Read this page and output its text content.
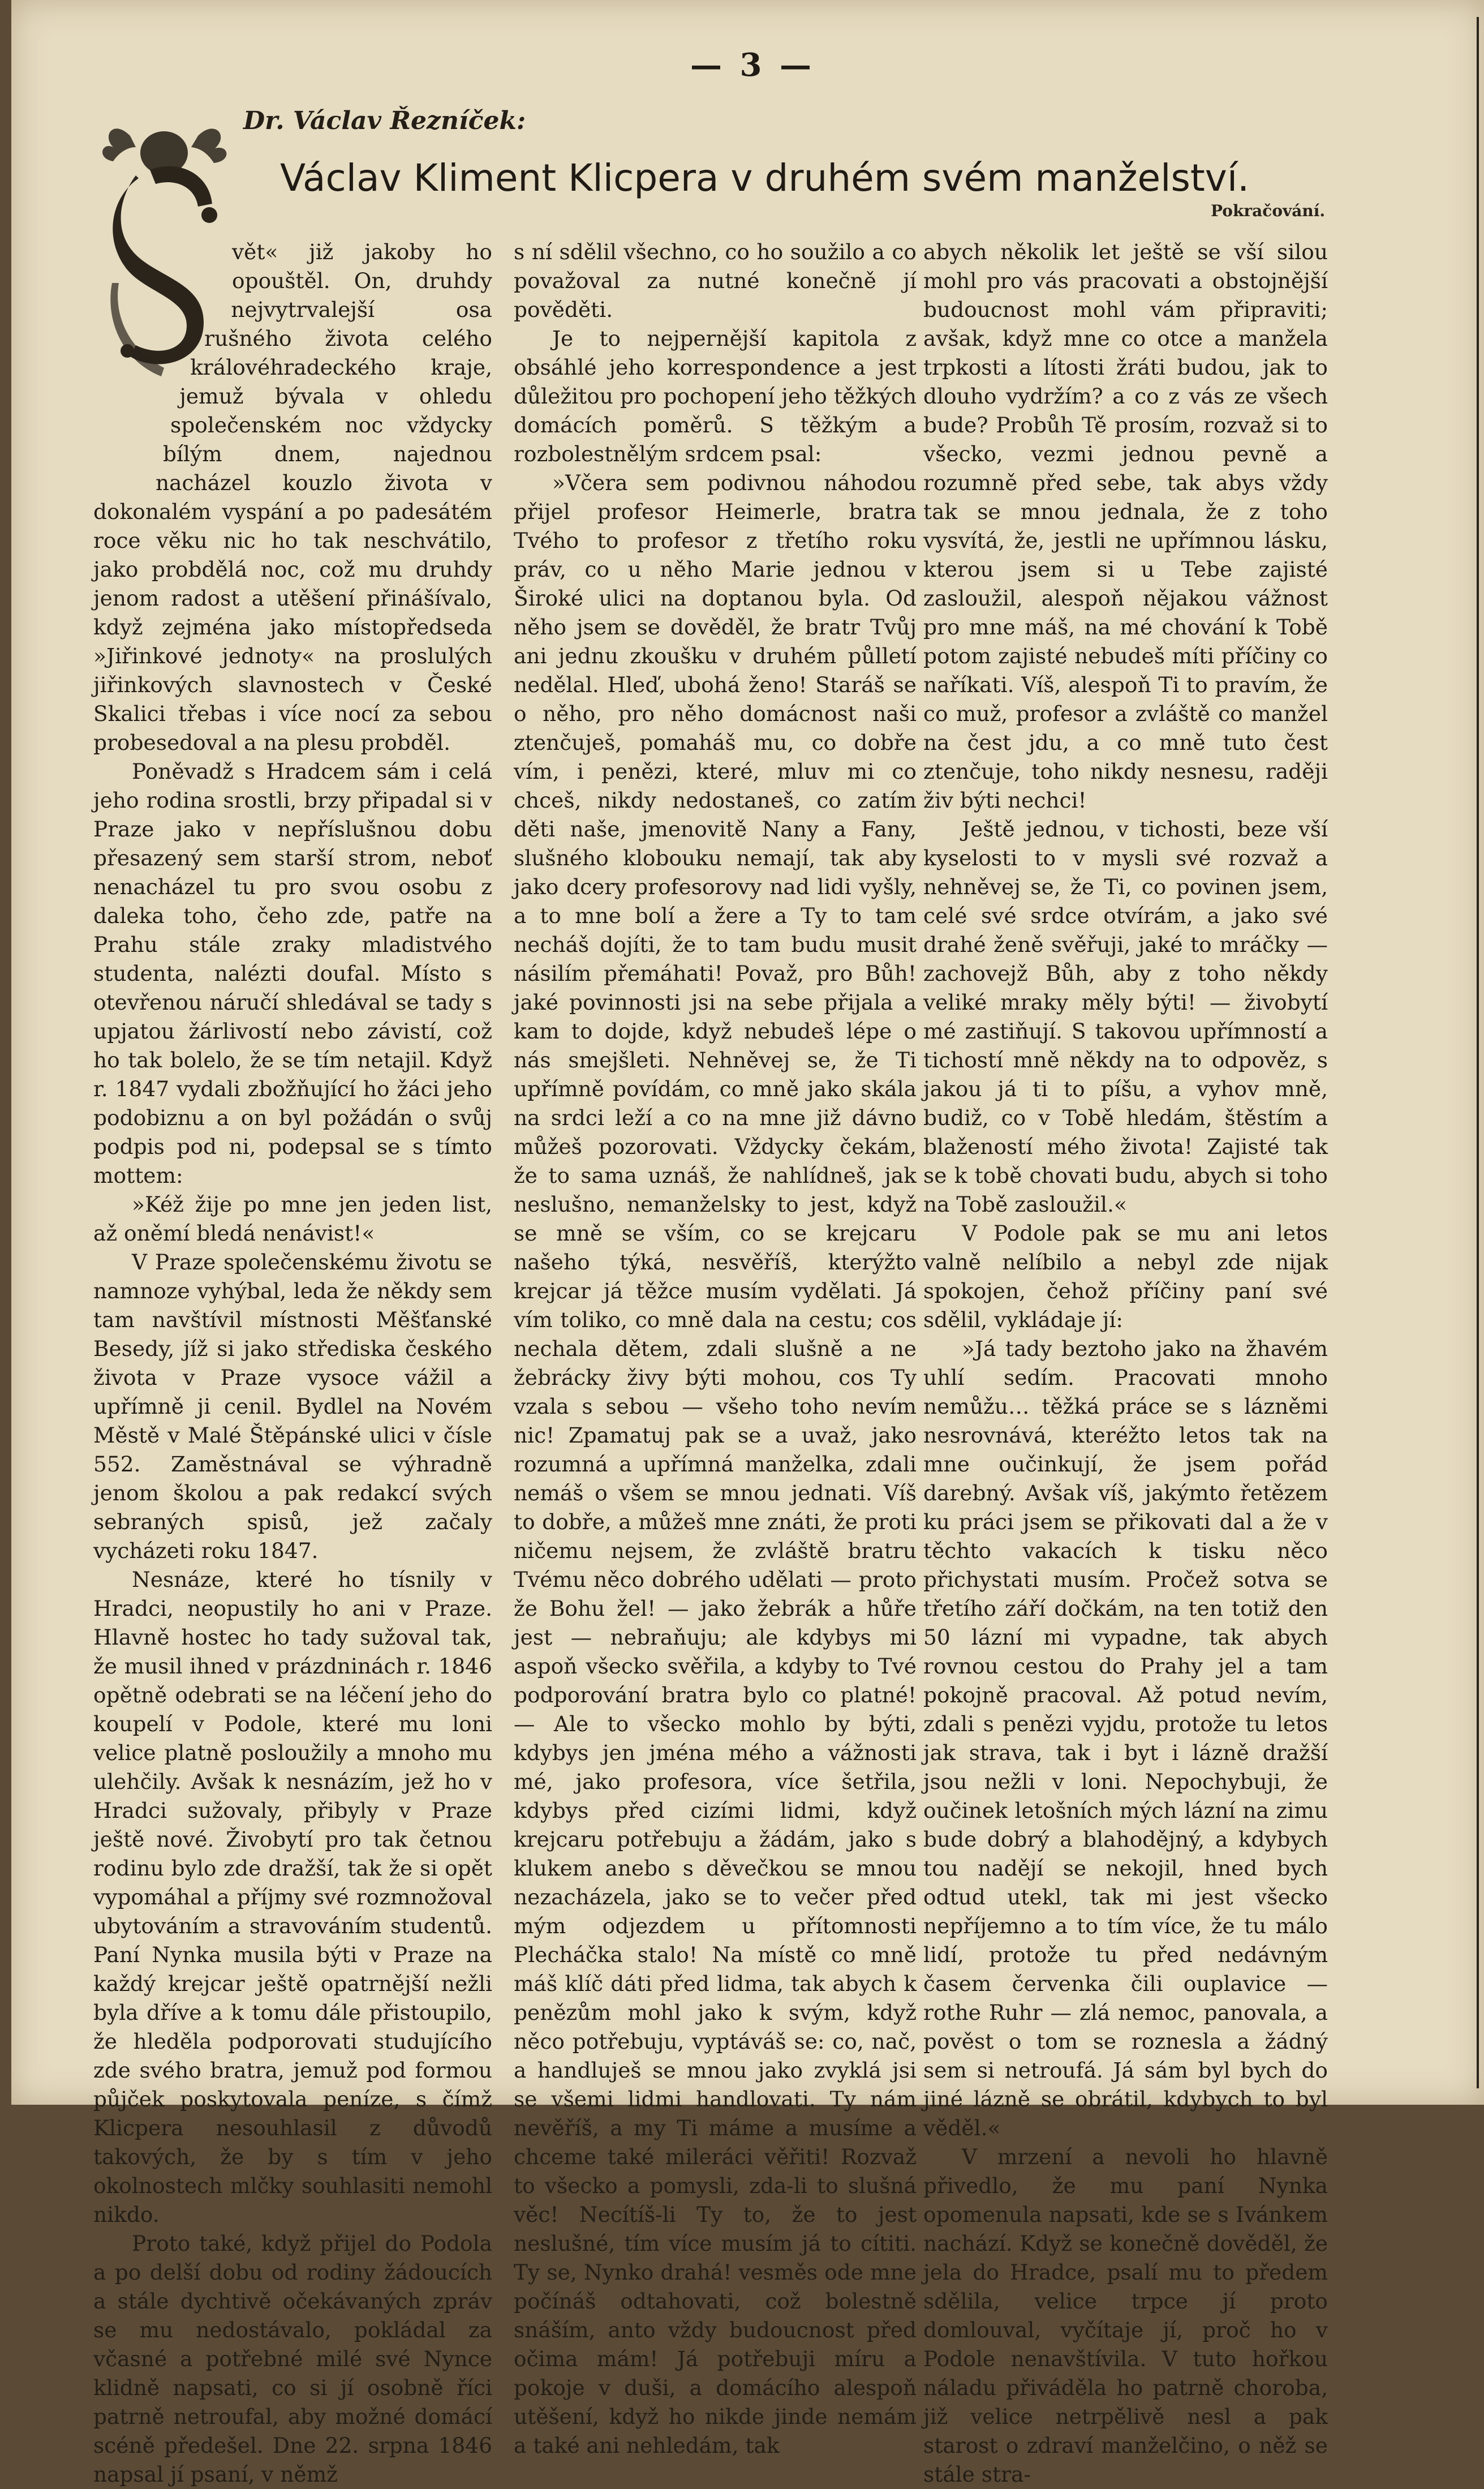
— 3 —
Dr. Václav Řezníček:
Václav Kliment Klicpera v druhém svém manželství.
Pokračování.

vět« již jakoby ho opouštěl. On, druhdy nejvytrvalejší osa rušného života celého královéhradeckého kraje, jemuž bývala v ohledu společenském noc vždycky bílým dnem, najednou nacházel kouzlo života v dokonalém vyspání a po padesátém roce věku nic ho tak neschvátilo, jako probdělá noc, což mu druhdy jenom radost a utěšení přinášívalo, když zejména jako místopředseda »Jiřinkové jednoty« na proslulých jiřinkových slavnostech v České Skalici třebas i více nocí za sebou probesedoval a na plesu probděl.

Poněvadž s Hradcem sám i celá jeho rodina srostli, brzy připadal si v Praze jako v nepříslušnou dobu přesazený sem starší strom, neboť nenacházel tu pro svou osobu z daleka toho, čeho zde, patře na Prahu stále zraky mladistvého studenta, nalézti doufal. Místo s otevřenou náručí shledával se tady s upjatou žárlivostí nebo závistí, což ho tak bolelo, že se tím netajil. Když r. 1847 vydali zbožňující ho žáci jeho podobiznu a on byl požádán o svůj podpis pod ni, podepsal se s tímto mottem:

»Kéž žije po mne jen jeden list, až oněmí bledá nenávist!«

V Praze společenskému životu se namnoze vyhýbal, leda že někdy sem tam navštívil místnosti Měšťanské Besedy, jíž si jako střediska českého života v Praze vysoce vážil a upřímně ji cenil. Bydlel na Novém Městě v Malé Štěpánské ulici v čísle 552. Zaměstnával se výhradně jenom školou a pak redakcí svých sebraných spisů, jež začaly vycházeti roku 1847.

Nesnáze, které ho tísnily v Hradci, neopustily ho ani v Praze. Hlavně hostec ho tady sužoval tak, že musil ihned v prázdninách r. 1846 opětně odebrati se na léčení jeho do koupelí v Podole, které mu loni velice platně posloužily a mnoho mu ulehčily. Avšak k nesnázím, jež ho v Hradci sužovaly, přibyly v Praze ještě nové. Živobytí pro tak četnou rodinu bylo zde dražší, tak že si opět vypomáhal a příjmy své rozmnožoval ubytováním a stravováním studentů. Paní Nynka musila býti v Praze na každý krejcar ještě opatrnější nežli byla dříve a k tomu dále přistoupilo, že hleděla podporovati studujícího zde svého bratra, jemuž pod formou půjček poskytovala peníze, s čímž Klicpera nesouhlasil z důvodů takových, že by s tím v jeho okolnostech mlčky souhlasiti nemohl nikdo.

Proto také, když přijel do Podola a po delší dobu od rodiny žádoucích a stále dychtivě očekávaných zpráv se mu nedostávalo, pokládal za včasné a potřebné milé své Nynce klidně napsati, co si jí osobně říci patrně netroufal, aby možné domácí scéně předešel. Dne 22. srpna 1846 napsal jí psaní, v němž

s ní sdělil všechno, co ho soužilo a co považoval za nutné konečně jí pověděti.

Je to nejpernější kapitola z obsáhlé jeho korrespondence a jest důležitou pro pochopení jeho těžkých domácích poměrů. S těžkým a rozbolestnělým srdcem psal:

»Včera sem podivnou náhodou přijel profesor Heimerle, bratra Tvého to profesor z třetího roku práv, co u něho Marie jednou v Široké ulici na doptanou byla. Od něho jsem se dověděl, že bratr Tvůj ani jednu zkoušku v druhém půlletí nedělal. Hleď, ubohá ženo! Staráš se o něho, pro něho domácnost naši ztenčuješ, pomaháš mu, co dobře vím, i penězi, které, mluv mi co chceš, nikdy nedostaneš, co zatím děti naše, jmenovitě Nany a Fany, slušného klobouku nemají, tak aby jako dcery profesorovy nad lidi vyšly, a to mne bolí a žere a Ty to tam necháš dojíti, že to tam budu musit násilím přemáhati! Považ, pro Bůh! jaké povinnosti jsi na sebe přijala a kam to dojde, když nebudeš lépe o nás smejšleti. Nehněvej se, že Ti upřímně povídám, co mně jako skála na srdci leží a co na mne již dávno můžeš pozorovati. Vždycky čekám, že to sama uznáš, že nahlídneš, jak neslušno, nemanželsky to jest, když se mně se vším, co se krejcaru našeho týká, nesvěříš, kterýžto krejcar já těžce musím vydělati. Já vím toliko, co mně dala na cestu; cos nechala dětem, zdali slušně a ne žebrácky živy býti mohou, cos Ty vzala s sebou — všeho toho nevím nic! Zpamatuj pak se a uvaž, jako rozumná a upřímná manželka, zdali nemáš o všem se mnou jednati. Víš to dobře, a můžeš mne znáti, že proti ničemu nejsem, že zvláště bratru Tvému něco dobrého udělati — proto že Bohu žel! — jako žebrák a hůře jest — nebraňuju; ale kdybys mi aspoň všecko svěřila, a kdyby to Tvé podporování bratra bylo co platné! — Ale to všecko mohlo by býti, kdybys jen jména mého a vážnosti mé, jako profesora, více šetřila, kdybys před cizími lidmi, když krejcaru potřebuju a žádám, jako s klukem anebo s děvečkou se mnou nezacházela, jako se to večer před mým odjezdem u přítomnosti Plecháčka stalo! Na místě co mně máš klíč dáti před lidma, tak abych k penězům mohl jako k svým, když něco potřebuju, vyptáváš se: co, nač, a handluješ se mnou jako zvyklá jsi se všemi lidmi handlovati. Ty nám nevěříš, a my Ti máme a musíme a chceme také mileráci věřiti! Rozvaž to všecko a pomysli, zda-li to slušná věc! Necítíš-li Ty to, že to jest neslušné, tím více musím já to cítiti. Ty se, Nynko drahá! vesměs ode mne počínáš odtahovati, což bolestně snáším, anto vždy budoucnost před očima mám! Já potřebuji míru a pokoje v duši, a domácího alespoň utěšení, když ho nikde jinde nemám a také ani nehledám, tak

abych několik let ještě se vší silou mohl pro vás pracovati a obstojnější budoucnost mohl vám připraviti; avšak, když mne co otce a manžela trpkosti a lítosti žráti budou, jak to dlouho vydržím? a co z vás ze všech bude? Probůh Tě prosím, rozvaž si to všecko, vezmi jednou pevně a rozumně před sebe, tak abys vždy tak se mnou jednala, že z toho vysvítá, že, jestli ne upřímnou lásku, kterou jsem si u Tebe zajisté zasloužil, alespoň nějakou vážnost pro mne máš, na mé chování k Tobě potom zajisté nebudeš míti příčiny co naříkati. Víš, alespoň Ti to pravím, že co muž, profesor a zvláště co manžel na čest jdu, a co mně tuto čest ztenčuje, toho nikdy nesnesu, raději živ býti nechci!

Ještě jednou, v tichosti, beze vší kyselosti to v mysli své rozvaž a nehněvej se, že Ti, co povinen jsem, celé své srdce otvírám, a jako své drahé ženě svěřuji, jaké to mráčky — zachovejž Bůh, aby z toho někdy veliké mraky měly býti! — živobytí mé zastiňují. S takovou upřímností a tichostí mně někdy na to odpověz, s jakou já ti to píšu, a vyhov mně, budiž, co v Tobě hledám, štěstím a blažeností mého života! Zajisté tak se k tobě chovati budu, abych si toho na Tobě zasloužil.«

V Podole pak se mu ani letos valně nelíbilo a nebyl zde nijak spokojen, čehož příčiny paní své sdělil, vykládaje jí:

»Já tady beztoho jako na žhavém uhlí sedím. Pracovati mnoho nemůžu… těžká práce se s lázněmi nesrovnává, kteréžto letos tak na mne oučinkují, že jsem pořád darebný. Avšak víš, jakýmto řetězem ku práci jsem se přikovati dal a že v těchto vakacích k tisku něco přichystati musím. Pročež sotva se třetího září dočkám, na ten totiž den 50 lázní mi vypadne, tak abych rovnou cestou do Prahy jel a tam pokojně pracoval. Až potud nevím, zdali s penězi vyjdu, protože tu letos jak strava, tak i byt i lázně dražší jsou nežli v loni. Nepochybuji, že oučinek letošních mých lázní na zimu bude dobrý a blahodějný, a kdybych tou nadějí se nekojil, hned bych odtud utekl, tak mi jest všecko nepříjemno a to tím více, že tu málo lidí, protože tu před nedávným časem červenka čili ouplavice — rothe Ruhr — zlá nemoc, panovala, a pověst o tom se roznesla a žádný sem si netroufá. Já sám byl bych do jiné lázně se obrátil, kdybych to byl věděl.«

V mrzení a nevoli ho hlavně přivedlo, že mu paní Nynka opomenula napsati, kde se s Ivánkem nachází. Když se konečně dověděl, že jela do Hradce, psalí mu to předem sdělila, velice trpce jí proto domlouval, vyčítaje jí, proč ho v Podole nenavštívila. V tuto hořkou náladu přiváděla ho patrně choroba, již velice netrpělivě nesl a pak starost o zdraví manželčino, o něž se stále stra-
